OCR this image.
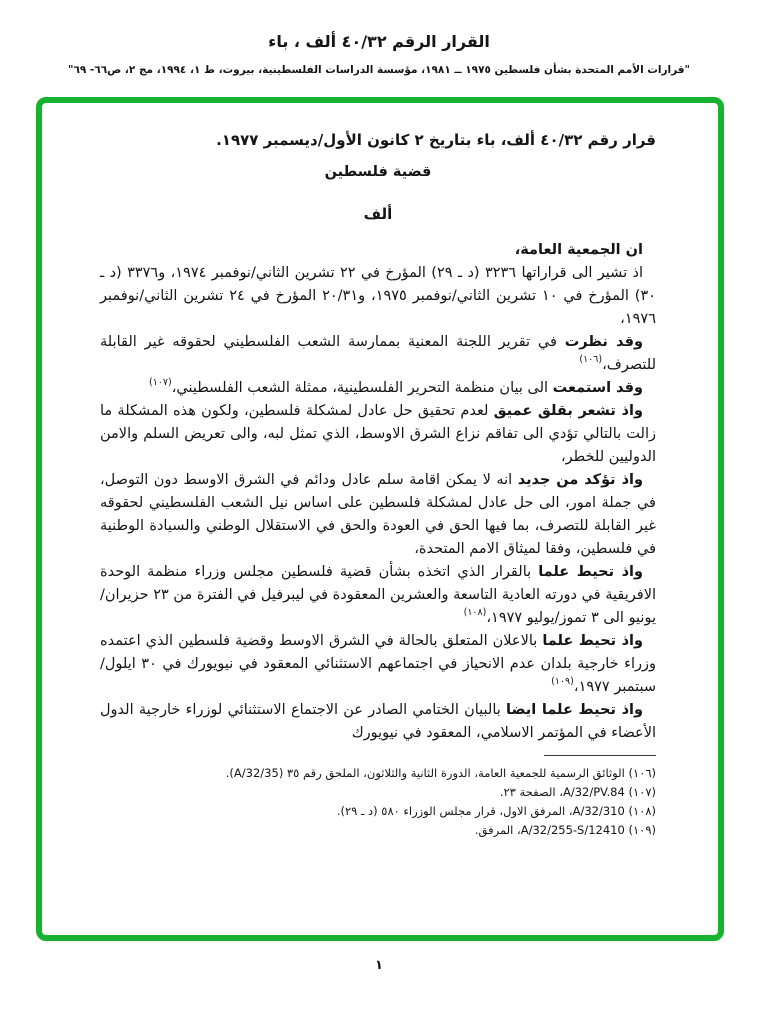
القرار الرقم ٤٠/٣٢ ألف ، باء
"قرارات الأمم المتحدة بشأن فلسطين ١٩٧٥ ــ ١٩٨١، مؤسسة الدراسات الفلسطينية، بيروت، ط ١، ١٩٩٤، مج ٢، ص٦٦- ٦٩"
قرار رقم ٤٠/٣٢ ألف، باء بتاريخ ٢ كانون الأول/ديسمبر ١٩٧٧.
قضية فلسطين
ألف

ان الجمعية العامة،

اذ تشير الى قراراتها ٣٢٣٦ (د ـ ٢٩) المؤرخ في ٢٢ تشرين الثاني/نوفمبر ١٩٧٤، و٣٣٧٦ (د ـ ٣٠) المؤرخ في ١٠ تشرين الثاني/نوفمبر ١٩٧٥، و٢٠/٣١ المؤرخ في ٢٤ تشرين الثاني/نوفمبر ١٩٧٦،

وقد نظرت في تقرير اللجنة المعنية بممارسة الشعب الفلسطيني لحقوقه غير القابلة للتصرف،$^{(١٠٦)}$

وقد استمعت الى بيان منظمة التحرير الفلسطينية، ممثلة الشعب الفلسطيني،$^{(١٠٧)}$

واذ تشعر بقلق عميق لعدم تحقيق حل عادل لمشكلة فلسطين، ولكون هذه المشكلة ما زالت بالتالي تؤدي الى تفاقم نزاع الشرق الاوسط، الذي تمثل لبه، والى تعريض السلم والامن الدوليين للخطر،

واذ تؤكد من جديد انه لا يمكن اقامة سلم عادل ودائم في الشرق الاوسط دون التوصل، في جملة امور، الى حل عادل لمشكلة فلسطين على اساس نيل الشعب الفلسطيني لحقوقه غير القابلة للتصرف، بما فيها الحق في العودة والحق في الاستقلال الوطني والسيادة الوطنية في فلسطين، وفقا لميثاق الامم المتحدة،

واذ تحيط علما بالقرار الذي اتخذه بشأن قضية فلسطين مجلس وزراء منظمة الوحدة الافريقية في دورته العادية التاسعة والعشرين المعقودة في ليبرفيل في الفترة من ٢٣ حزيران/يونيو الى ٣ تموز/يوليو ١٩٧٧،$^{(١٠٨)}$

واذ تحيط علما بالاعلان المتعلق بالحالة في الشرق الاوسط وقضية فلسطين الذي اعتمده وزراء خارجية بلدان عدم الانحياز في اجتماعهم الاستثنائي المعقود في نيويورك في ٣٠ ايلول/سبتمبر ١٩٧٧،$^{(١٠٩)}$

واذ تحيط علما ايضا بالبيان الختامي الصادر عن الاجتماع الاستثنائي لوزراء خارجية الدول الأعضاء في المؤتمر الاسلامي، المعقود في نيويورك

(١٠٦) الوثائق الرسمية للجمعية العامة، الدورة الثانية والثلاثون، الملحق رقم ٣٥ (A/32/35).
(١٠٧) A/32/PV.84، الصفحة ٢٣.
(١٠٨) A/32/310، المرفق الاول، قرار مجلس الوزراء ٥٨٠ (د ـ ٢٩).
(١٠٩) A/32/255-S/12410، المرفق.
١
